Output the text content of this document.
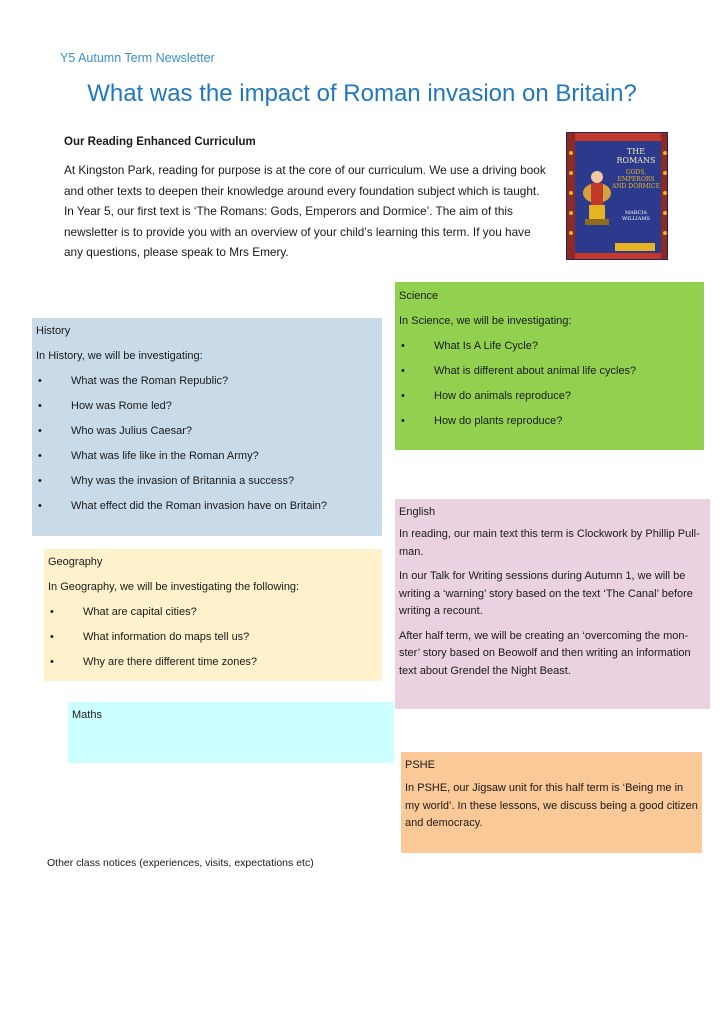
Y5 Autumn Term Newsletter
What was the impact of Roman invasion on Britain?
Our Reading Enhanced Curriculum
At Kingston Park, reading for purpose is at the core of our curriculum. We use a driving book and other texts to deepen their knowledge around every foundation subject which is taught. In Year 5, our first text is ‘The Romans: Gods, Emperors and Dormice’. The aim of this newsletter is to provide you with an overview of your child’s learning this term. If you have any questions, please speak to Mrs Emery.
THE ROMANS
GODS, EMPERORS AND DORMICE
MARCIA WILLIAMS
History
In History, we will be investigating:
• What was the Roman Republic?
• How was Rome led?
• Who was Julius Caesar?
• What was life like in the Roman Army?
• Why was the invasion of Britannia a success?
• What effect did the Roman invasion have on Britain?
Science
In Science, we will be investigating:
• What Is A Life Cycle?
• What is different about animal life cycles?
• How do animals reproduce?
• How do plants reproduce?
Geography
In Geography, we will be investigating the following:
• What are capital cities?
• What information do maps tell us?
• Why are there different time zones?
English

In reading, our main text this term is Clockwork by Phillip Pull-man.

In our Talk for Writing sessions during Autumn 1, we will be writing a ‘warning’ story based on the text ‘The Canal’ before writing a recount.

After half term, we will be creating an ‘overcoming the mon-ster’ story based on Beowolf and then writing an information text about Grendel the Night Beast.

Maths
PSHE

In PSHE, our Jigsaw unit for this half term is ‘Being me in my world’. In these lessons, we discuss being a good citizen and democracy.

Other class notices (experiences, visits, expectations etc)
